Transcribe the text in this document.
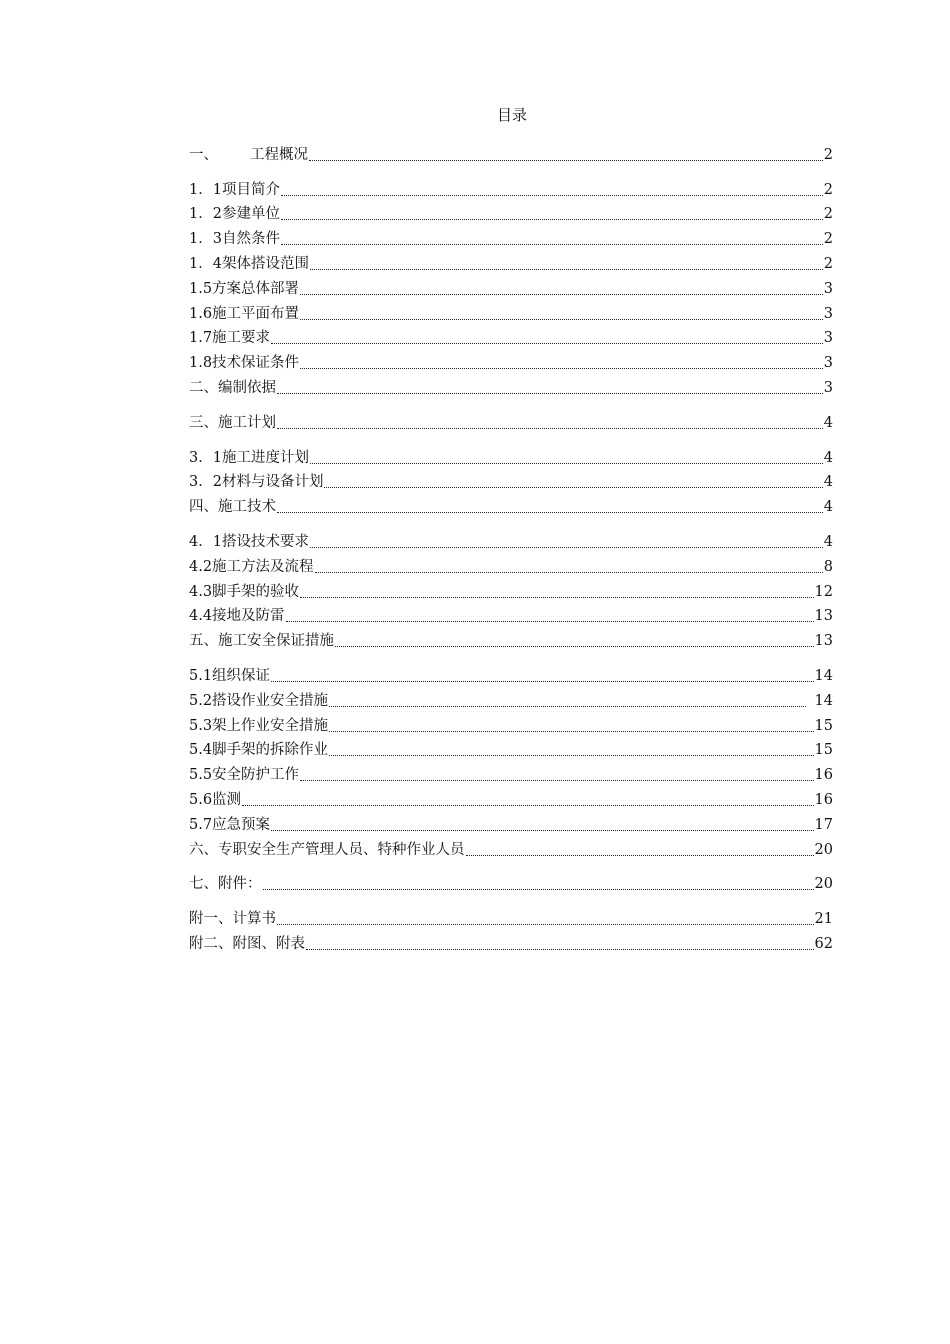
目录
一、 工程概况	2
1．1项目简介	2
1．2参建单位	2
1．3自然条件	2
1．4架体搭设范围	2
1.5方案总体部署	3
1.6施工平面布置	3
1.7施工要求	3
1.8技术保证条件	3
二、编制依据	3
三、施工计划	4
3．1施工进度计划	4
3．2材料与设备计划	4
四、施工技术	4
4．1搭设技术要求	4
4.2施工方法及流程	8
4.3脚手架的验收	12
4.4接地及防雷	13
五、施工安全保证措施	13
5.1组织保证	14
5.2搭设作业安全措施	14
5.3架上作业安全措施	15
5.4脚手架的拆除作业	15
5.5安全防护工作	16
5.6监测	16
5.7应急预案	17
六、专职安全生产管理人员、特种作业人员	20
七、附件：	20
附一、计算书	21
附二、附图、附表	62
